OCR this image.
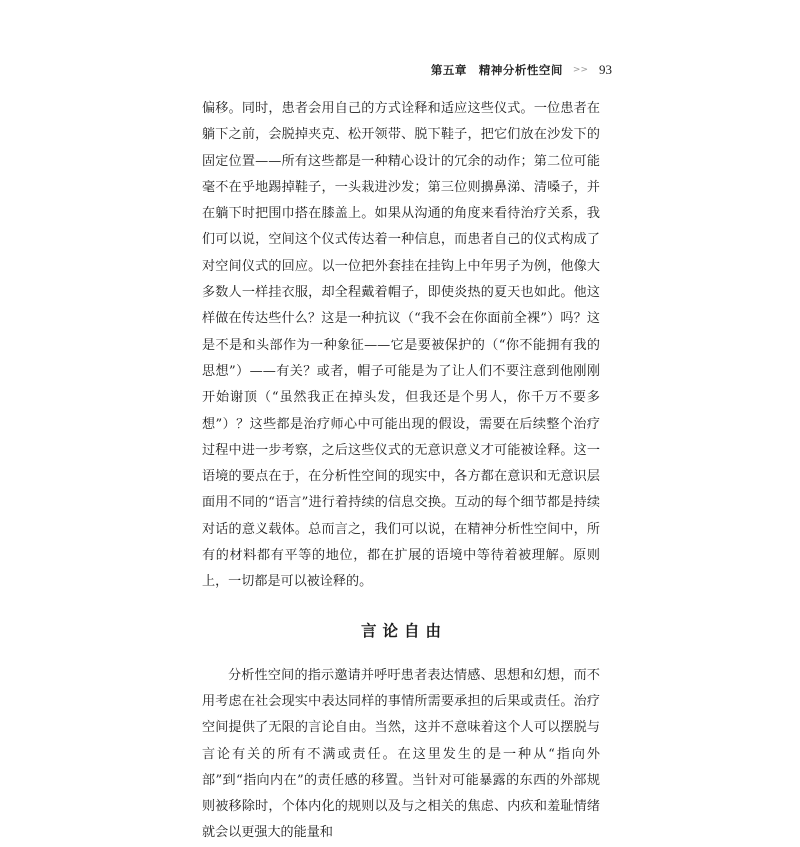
第五章　精神分析性空间 >> 93

偏移。同时，患者会用自己的方式诠释和适应这些仪式。一位患者在躺下之前，会脱掉夹克、松开领带、脱下鞋子，把它们放在沙发下的固定位置——所有这些都是一种精心设计的冗余的动作；第二位可能毫不在乎地踢掉鞋子，一头栽进沙发；第三位则擤鼻涕、清嗓子，并在躺下时把围巾搭在膝盖上。如果从沟通的角度来看待治疗关系，我们可以说，空间这个仪式传达着一种信息，而患者自己的仪式构成了对空间仪式的回应。以一位把外套挂在挂钩上中年男子为例，他像大多数人一样挂衣服，却全程戴着帽子，即使炎热的夏天也如此。他这样做在传达些什么？这是一种抗议（“我不会在你面前全裸”）吗？这是不是和头部作为一种象征——它是要被保护的（“你不能拥有我的思想”）——有关？或者，帽子可能是为了让人们不要注意到他刚刚开始谢顶（“虽然我正在掉头发，但我还是个男人，你千万不要多想”）？这些都是治疗师心中可能出现的假设，需要在后续整个治疗过程中进一步考察，之后这些仪式的无意识意义才可能被诠释。这一语境的要点在于，在分析性空间的现实中，各方都在意识和无意识层面用不同的“语言”进行着持续的信息交换。互动的每个细节都是持续对话的意义载体。总而言之，我们可以说，在精神分析性空间中，所有的材料都有平等的地位，都在扩展的语境中等待着被理解。原则上，一切都是可以被诠释的。

言论自由

分析性空间的指示邀请并呼吁患者表达情感、思想和幻想，而不用考虑在社会现实中表达同样的事情所需要承担的后果或责任。治疗空间提供了无限的言论自由。当然，这并不意味着这个人可以摆脱与言论有关的所有不满或责任。在这里发生的是一种从“指向外部”到“指向内在”的责任感的移置。当针对可能暴露的东西的外部规则被移除时，个体内化的规则以及与之相关的焦虑、内疚和羞耻情绪就会以更强大的能量和
